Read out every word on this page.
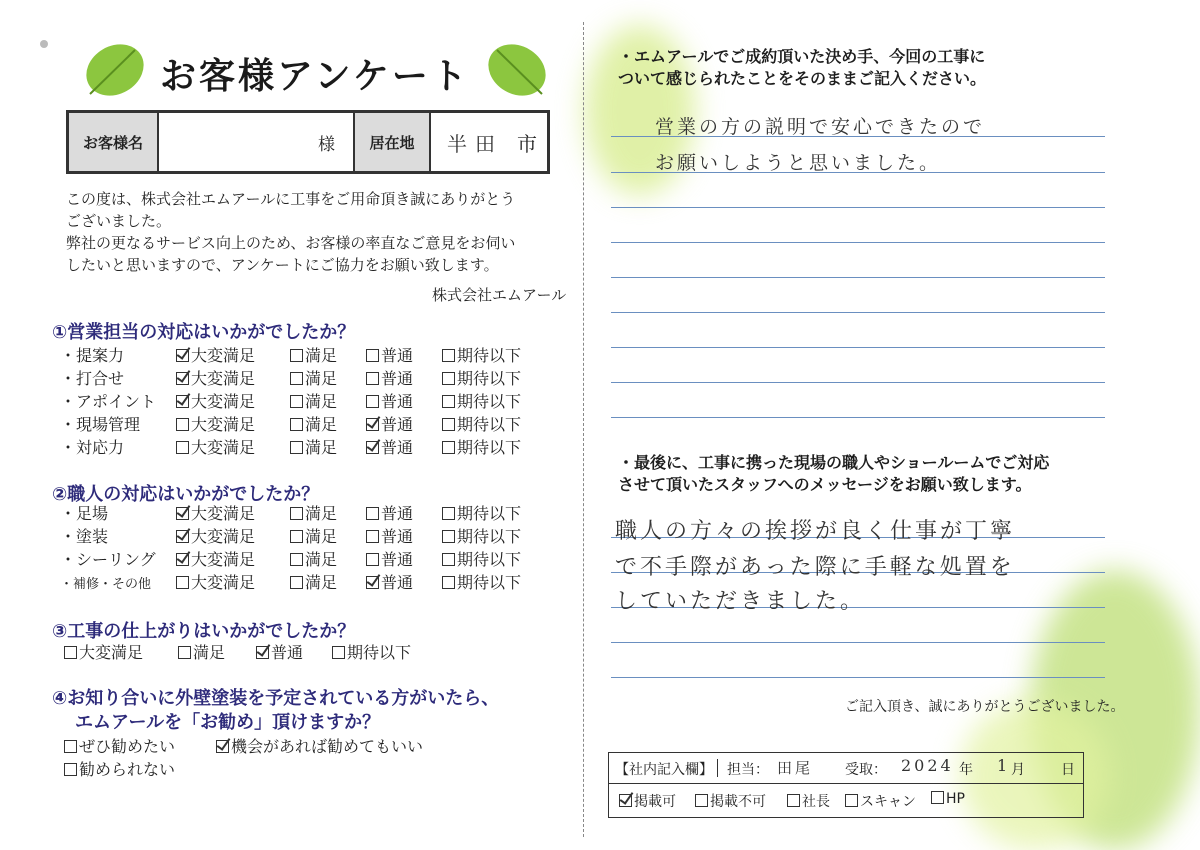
お客様アンケート
お客様名	様	居在地	半田 市
この度は、株式会社エムアールに工事をご用命頂き誠にありがとう
ございました。
弊社の更なるサービス向上のため、お客様の率直なご意見をお伺い
したいと思いますので、アンケートにご協力をお願い致します。
株式会社エムアール
①営業担当の対応はいかがでしたか？
・提案力	大変満足	満足	普通	期待以下
・打合せ	大変満足	満足	普通	期待以下
・アポイント	大変満足	満足	普通	期待以下
・現場管理	大変満足	満足	普通	期待以下
・対応力	大変満足	満足	普通	期待以下
②職人の対応はいかがでしたか？
・足場	大変満足	満足	普通	期待以下
・塗装	大変満足	満足	普通	期待以下
・シーリング	大変満足	満足	普通	期待以下
・補修・その他	大変満足	満足	普通	期待以下
③工事の仕上がりはいかがでしたか？
大変満足	満足	普通	期待以下
④お知り合いに外壁塗装を予定されている方がいたら、
エムアールを「お勧め」頂けますか？
ぜひ勧めたい	機会があれば勧めてもいい
勧められない
・エムアールでご成約頂いた決め手、今回の工事に
ついて感じられたことをそのままご記入ください。
営業の方の説明で安心できたので
お願いしようと思いました。
・最後に、工事に携った現場の職人やショールームでご対応
させて頂いたスタッフへのメッセージをお願い致します。
職人の方々の挨拶が良く仕事が丁寧
で不手際があった際に手軽な処置を
していただきました。
ご記入頂き、誠にありがとうございました。
【社内記入欄】 担当： 田尾 受取： 2024 年 1 月	日
掲載可	掲載不可	社長	スキャン	HP
